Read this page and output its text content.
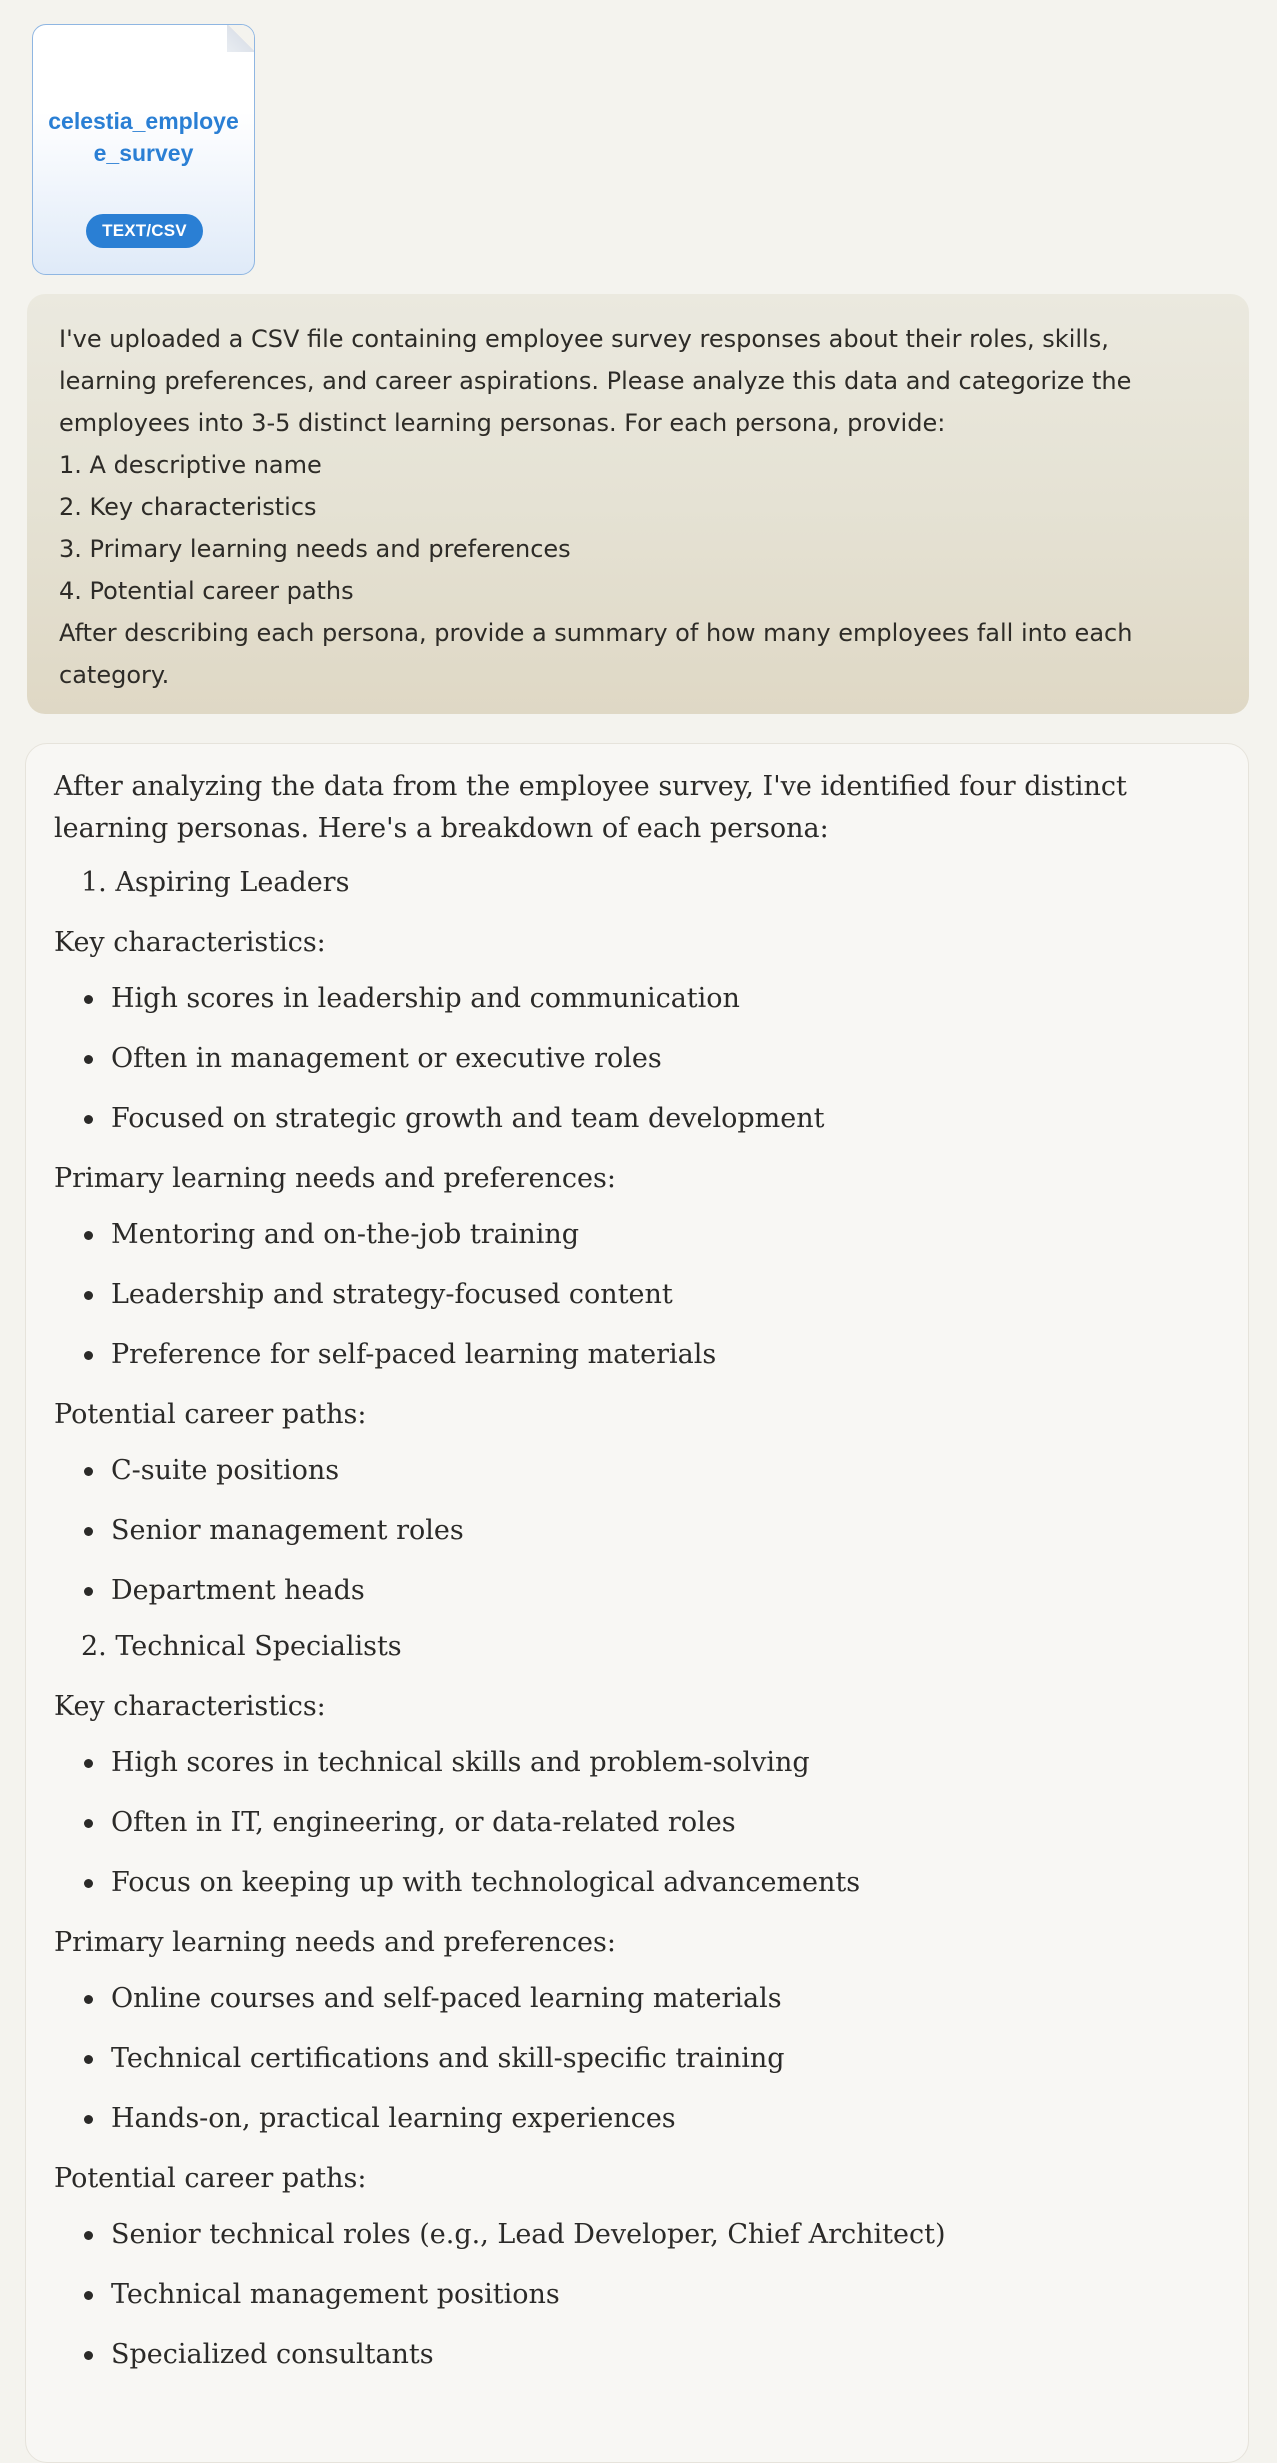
celestia_employee_survey
TEXT/CSV
I've uploaded a CSV file containing employee survey responses about their roles, skills,
learning preferences, and career aspirations. Please analyze this data and categorize the
employees into 3-5 distinct learning personas. For each persona, provide:
1. A descriptive name
2. Key characteristics
3. Primary learning needs and preferences
4. Potential career paths
After describing each persona, provide a summary of how many employees fall into each
category.

After analyzing the data from the employee survey, I've identified four distinct learning personas. Here's a breakdown of each persona:

1. Aspiring Leaders
Key characteristics:
High scores in leadership and communication
Often in management or executive roles
Focused on strategic growth and team development
Primary learning needs and preferences:
Mentoring and on-the-job training
Leadership and strategy-focused content
Preference for self-paced learning materials
Potential career paths:
C-suite positions
Senior management roles
Department heads
2. Technical Specialists
Key characteristics:
High scores in technical skills and problem-solving
Often in IT, engineering, or data-related roles
Focus on keeping up with technological advancements
Primary learning needs and preferences:
Online courses and self-paced learning materials
Technical certifications and skill-specific training
Hands-on, practical learning experiences
Potential career paths:
Senior technical roles (e.g., Lead Developer, Chief Architect)
Technical management positions
Specialized consultants
